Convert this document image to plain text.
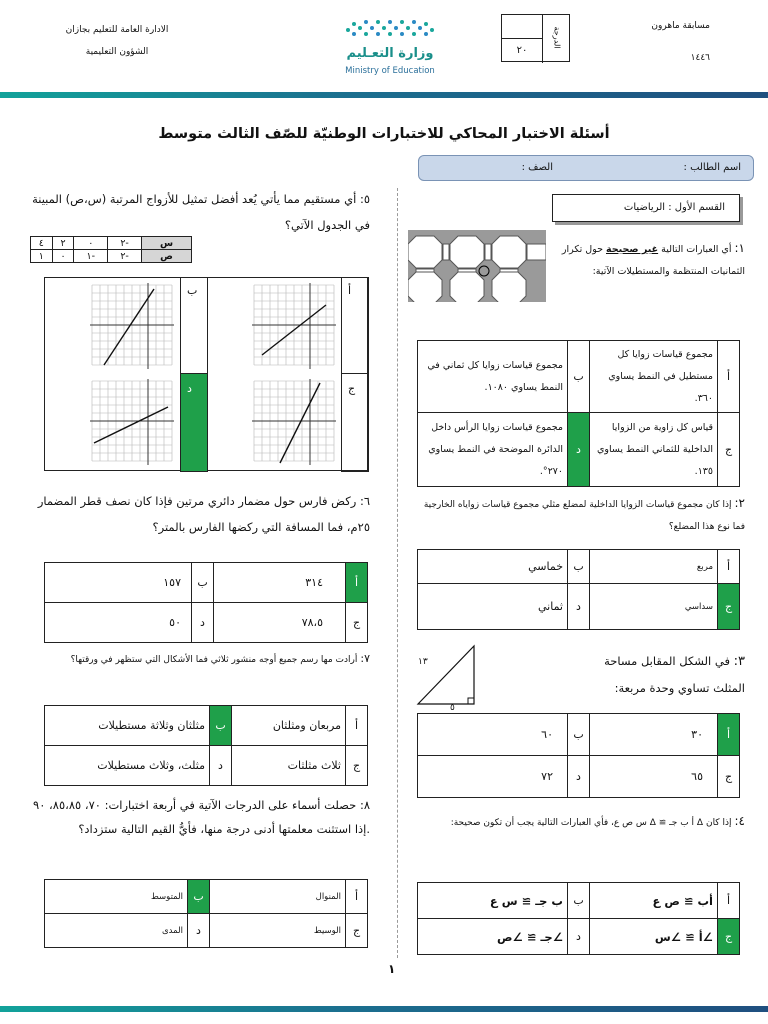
مسابقة ماهرون
١٤٤٦
الدرجة
٢٠
وزارة التعـليم
Ministry of Education
الادارة العامة للتعليم بجازان
الشؤون التعليمية
أسئلة الاختبار المحاكي للاختبارات الوطنيّة للصّف الثالث متوسط
اسم الطالب :
الصف :
القسم الأول : الرياضيات
١: أي العبارات التالية غير صحيحة حول تكرار الثمانيات المنتظمة والمستطيلات الآتية:
أ	مجموع قياسات زوايا كل مستطيل في النمط يساوي ٣٦٠.	ب	مجموع قياسات زوايا كل ثماني في النمط يساوي ١٠٨٠.
ج	قياس كل زاوية من الزوايا الداخلية للثماني النمط يساوي ١٣٥.	د	مجموع قياسات زوايا الرأس داخل الدائرة الموضحة في النمط يساوي ٢٧٠°.
٢: إذا كان مجموع قياسات الزوايا الداخلية لمضلع مثلي مجموع قياسات زواياه الخارجية فما نوع هذا المضلع؟
أ	مربع	ب	خماسي
ج	سداسي	د	ثماني
٣: في الشكل المقابل مساحة المثلث تساوي وحدة مربعة:
١٣
٥
أ	٣٠	ب	٦٠
ج	٦٥	د	٧٢
٤: إذا كان Δ أ ب جـ ≅ Δ س ص ع، فأي العبارات التالية يجب أن تكون صحيحة:
أ	أب ≅ ص ع	ب	ب جـ ≅ س ع
ج	∠أ ≅ ∠س	د	∠جـ ≅ ∠ص
٥: أي مستقيم مما يأتي يُعد أفضل تمثيل للأزواج المرتبة (س،ص) المبينة في الجدول الآتي؟
س	-٢	٠	٢	٤
ص	-٢	-١	٠	١
أ
ب
ج
د
٦: ركض فارس حول مضمار دائري مرتين فإذا كان نصف قطر المضمار ٢٥م، فما المسافة التي ركضها الفارس بالمتر؟
أ	٣١٤	ب	١٥٧
ج	٧٨،٥	د	٥٠
٧: أرادت مها رسم جميع أوجه منشور ثلاثي فما الأشكال التي ستظهر في ورقتها؟
أ	مربعان ومثلثان	ب	مثلثان وثلاثة مستطيلات
ج	ثلاث مثلثات	د	مثلث، وثلاث مستطيلات
٨: حصلت أسماء على الدرجات الآتية في أربعة اختبارات: ٧٠، ٨٥،٨٥، ٩٠ .إذا استثنت معلمتها أدنى درجة منها، فأيُّ القيم التالية ستزداد؟
أ	المنوال	ب	المتوسط
ج	الوسيط	د	المدى
١
